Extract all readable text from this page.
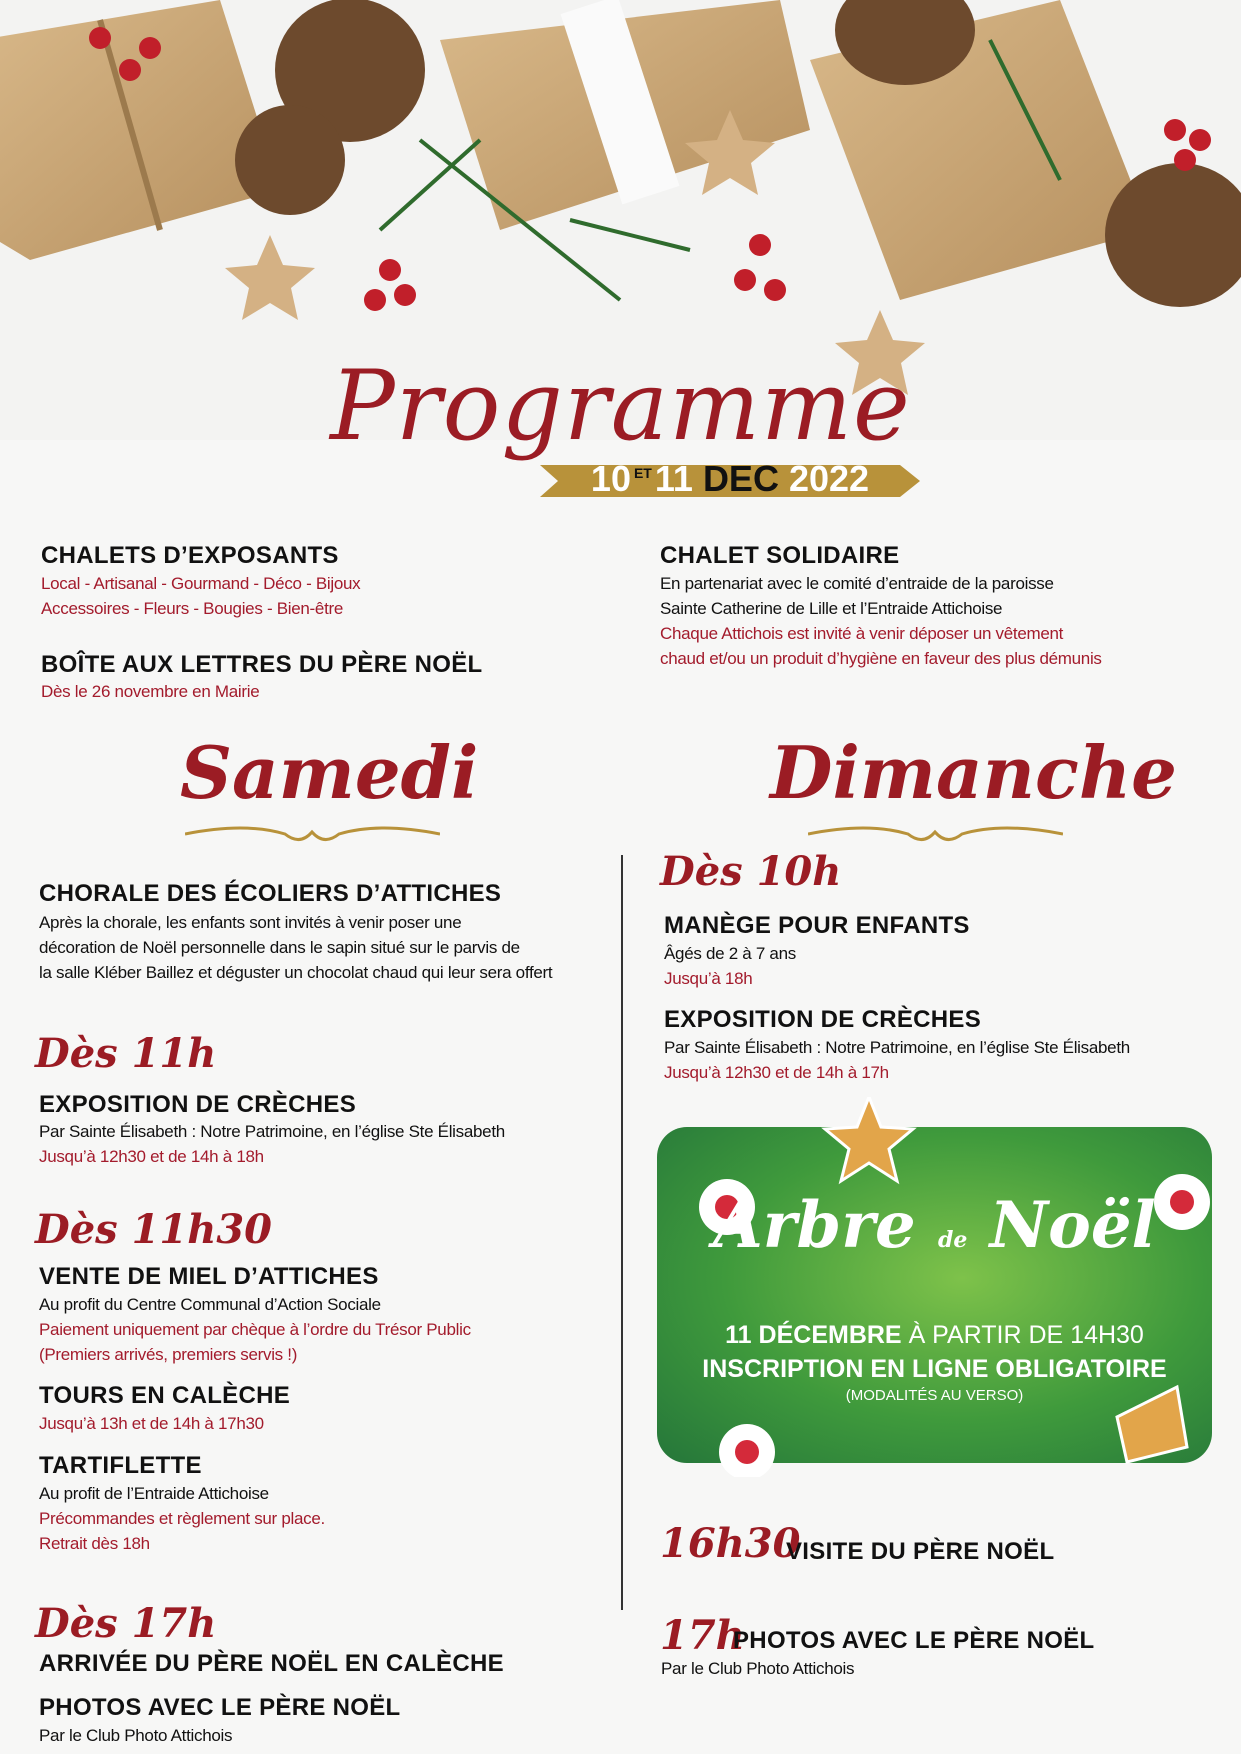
Programme
10 $^{ET}$11 DEC 2022
CHALETS D’EXPOSANTS
Local - Artisanal - Gourmand - Déco - Bijoux
Accessoires - Fleurs - Bougies - Bien-être
BOÎTE AUX LETTRES DU PÈRE NOËL
Dès le 26 novembre en Mairie
CHALET SOLIDAIRE
En partenariat avec le comité d’entraide de la paroisse
Sainte Catherine de Lille et l’Entraide Attichoise
Chaque Attichois est invité à venir déposer un vêtement
chaud et/ou un produit d’hygiène en faveur des plus démunis
Samedi	Dimanche
CHORALE DES ÉCOLIERS D’ATTICHES
Après la chorale, les enfants sont invités à venir poser une
décoration de Noël personnelle dans le sapin situé sur le parvis de
la salle Kléber Baillez et déguster un chocolat chaud qui leur sera offert
Dès 11h
EXPOSITION DE CRÈCHES
Par Sainte Élisabeth : Notre Patrimoine, en l’église Ste Élisabeth
Jusqu’à 12h30 et de 14h à 18h
Dès 11h30
VENTE DE MIEL D’ATTICHES
Au profit du Centre Communal d’Action Sociale
Paiement uniquement par chèque à l’ordre du Trésor Public
(Premiers arrivés, premiers servis !)
TOURS EN CALÈCHE
Jusqu’à 13h et de 14h à 17h30
TARTIFLETTE
Au profit de l’Entraide Attichoise
Précommandes et règlement sur place.
Retrait dès 18h
Dès 17h
ARRIVÉE DU PÈRE NOËL EN CALÈCHE
PHOTOS AVEC LE PÈRE NOËL
Par le Club Photo Attichois
Dès 10h
MANÈGE POUR ENFANTS
Âgés de 2 à 7 ans
Jusqu’à 18h
EXPOSITION DE CRÈCHES
Par Sainte Élisabeth : Notre Patrimoine, en l’église Ste Élisabeth
Jusqu’à 12h30 et de 14h à 17h
Arbre de Noël
11 DÉCEMBRE À PARTIR DE 14H30
INSCRIPTION EN LIGNE OBLIGATOIRE
(MODALITÉS AU VERSO)
16h30
VISITE DU PÈRE NOËL
17h
PHOTOS AVEC LE PÈRE NOËL
Par le Club Photo Attichois
